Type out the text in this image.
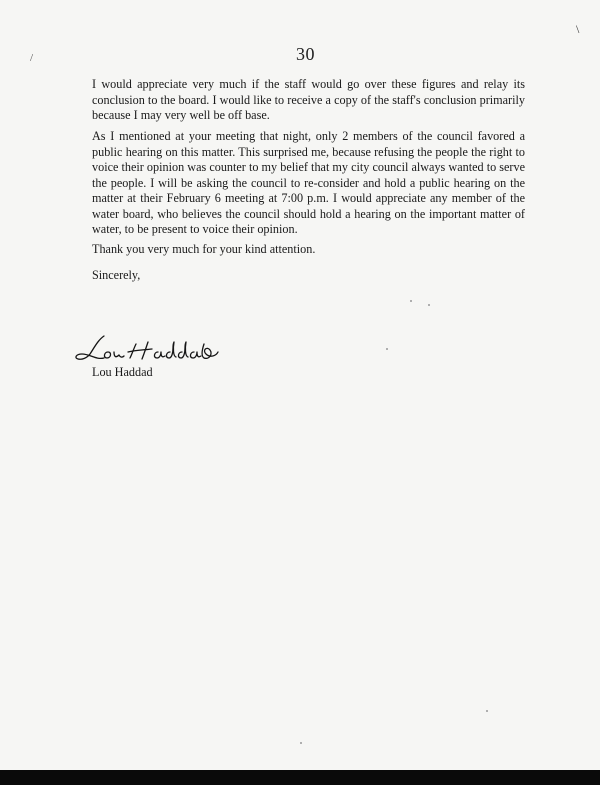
\
/	30

I would appreciate very much if the staff would go over these figures and relay its conclusion to the board. I would like to receive a copy of the staff's conclusion primarily because I may very well be off base.

As I mentioned at your meeting that night, only 2 members of the council favored a public hearing on this matter. This surprised me, because refusing the people the right to voice their opinion was counter to my belief that my city council always wanted to serve the people. I will be asking the council to re-consider and hold a public hearing on the matter at their February 6 meeting at 7:00 p.m. I would appreciate any member of the water board, who believes the council should hold a hearing on the important matter of water, to be present to voice their opinion.

Thank you very much for your kind attention.

Sincerely,

Lou Haddad
